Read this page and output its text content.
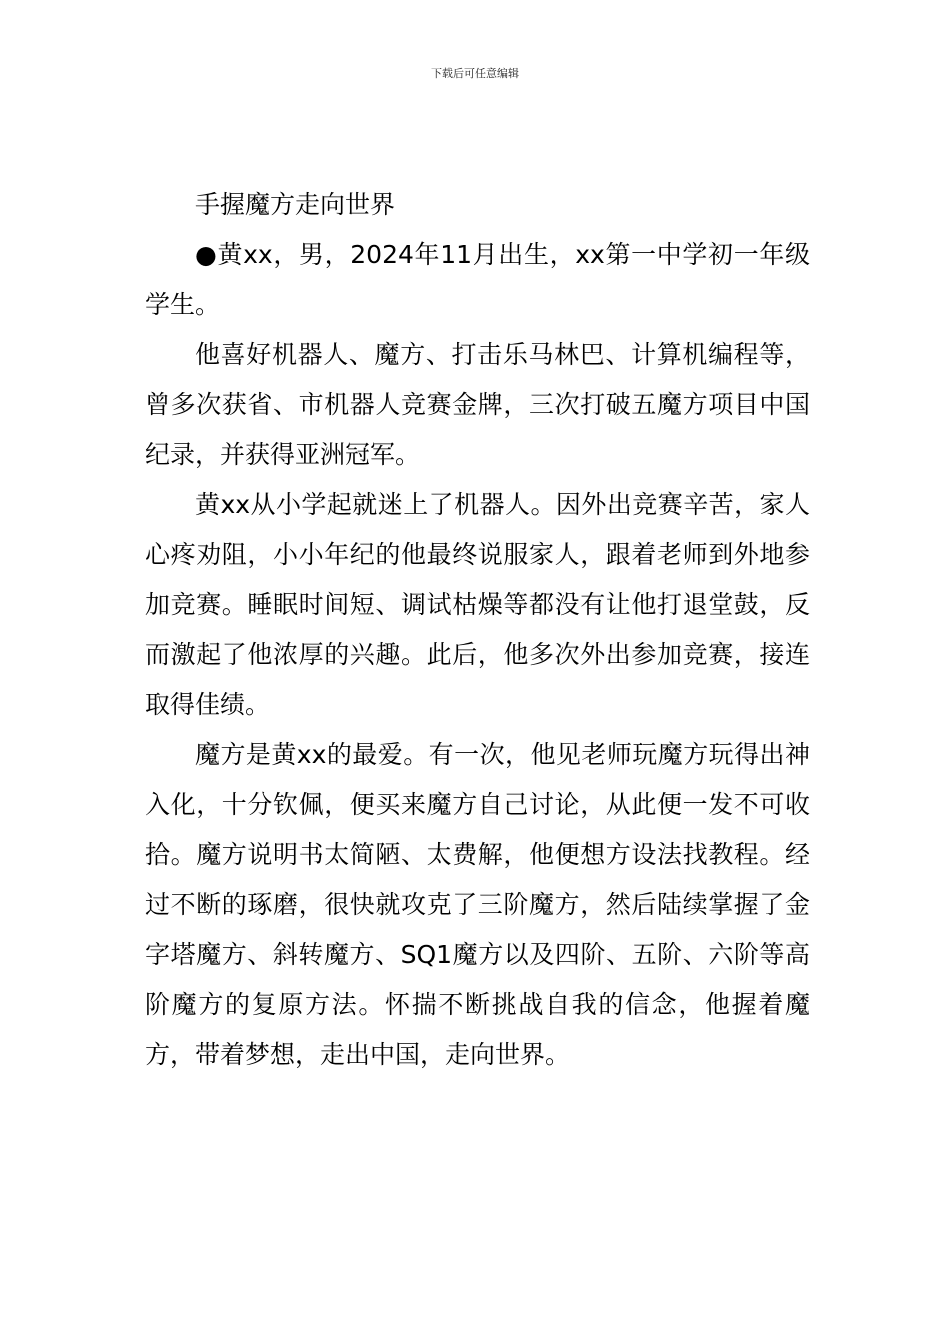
下载后可任意编辑

手握魔方走向世界

●黄xx，男，2024年11月出生，xx第一中学初一年级学生。

他喜好机器人、魔方、打击乐马林巴、计算机编程等，曾多次获省、市机器人竞赛金牌，三次打破五魔方项目中国纪录，并获得亚洲冠军。

黄xx从小学起就迷上了机器人。因外出竞赛辛苦，家人心疼劝阻，小小年纪的他最终说服家人，跟着老师到外地参加竞赛。睡眠时间短、调试枯燥等都没有让他打退堂鼓，反而激起了他浓厚的兴趣。此后，他多次外出参加竞赛，接连取得佳绩。

魔方是黄xx的最爱。有一次，他见老师玩魔方玩得出神入化，十分钦佩，便买来魔方自己讨论，从此便一发不可收拾。魔方说明书太简陋、太费解，他便想方设法找教程。经过不断的琢磨，很快就攻克了三阶魔方，然后陆续掌握了金字塔魔方、斜转魔方、SQ1魔方以及四阶、五阶、六阶等高阶魔方的复原方法。怀揣不断挑战自我的信念，他握着魔方，带着梦想，走出中国，走向世界。
